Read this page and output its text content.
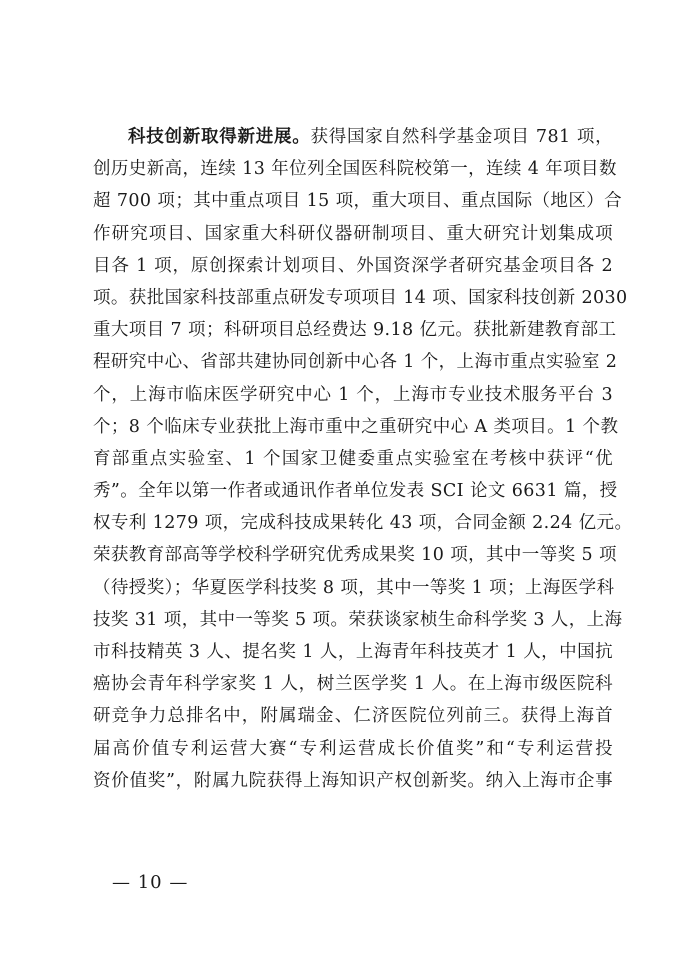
科技创新取得新进展。获得国家自然科学基金项目 781 项，
创历史新高，连续 13 年位列全国医科院校第一，连续 4 年项目数
超 700 项；其中重点项目 15 项，重大项目、重点国际（地区）合
作研究项目、国家重大科研仪器研制项目、重大研究计划集成项
目各 1 项，原创探索计划项目、外国资深学者研究基金项目各 2
项。获批国家科技部重点研发专项项目 14 项、国家科技创新 2030
重大项目 7 项；科研项目总经费达 9.18 亿元。获批新建教育部工
程研究中心、省部共建协同创新中心各 1 个，上海市重点实验室 2
个，上海市临床医学研究中心 1 个，上海市专业技术服务平台 3
个；8 个临床专业获批上海市重中之重研究中心 A 类项目。1 个教
育部重点实验室、1 个国家卫健委重点实验室在考核中获评“优
秀”。全年以第一作者或通讯作者单位发表 SCI 论文 6631 篇，授
权专利 1279 项，完成科技成果转化 43 项，合同金额 2.24 亿元。
荣获教育部高等学校科学研究优秀成果奖 10 项，其中一等奖 5 项
（待授奖）；华夏医学科技奖 8 项，其中一等奖 1 项；上海医学科
技奖 31 项，其中一等奖 5 项。荣获谈家桢生命科学奖 3 人，上海
市科技精英 3 人、提名奖 1 人，上海青年科技英才 1 人，中国抗
癌协会青年科学家奖 1 人，树兰医学奖 1 人。在上海市级医院科
研竞争力总排名中，附属瑞金、仁济医院位列前三。获得上海首
届高价值专利运营大赛“专利运营成长价值奖”和“专利运营投
资价值奖”，附属九院获得上海知识产权创新奖。纳入上海市企事
— 10 —
